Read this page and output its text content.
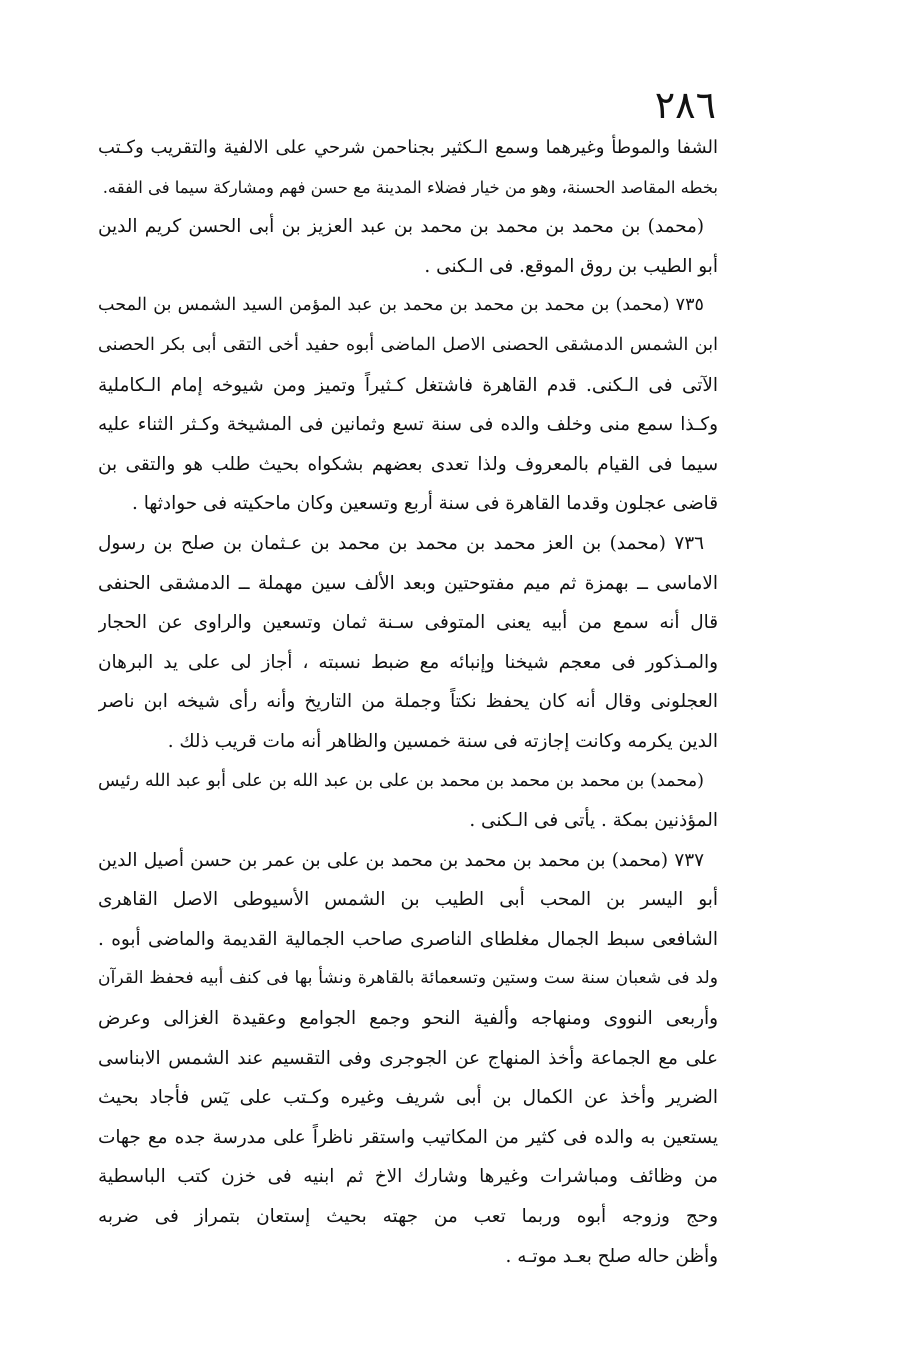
٢٨٦
الشفا والموطأ وغيرهما وسمع الـكثير بجناحمن شرحي على الالفية والتقريب وكـتب
بخطه المقاصد الحسنة، وهو من خيار فضلاء المدينة مع حسن فهم ومشاركة سيما فى الفقه.
(محمد) بن محمد بن محمد بن محمد بن عبد العزيز بن أبى الحسن كريم الدين
أبو الطيب بن روق الموقع. فى الـكنى .
٧٣٥ (محمد) بن محمد بن محمد بن محمد بن عبد المؤمن السيد الشمس بن المحب
ابن الشمس الدمشقى الحصنى الاصل الماضى أبوه حفيد أخى التقى أبى بكر الحصنى
الآتى فى الـكنى. قدم القاهرة فاشتغل كـثيراً وتميز ومن شيوخه إمام الـكاملية
وكـذا سمع منى وخلف والده فى سنة تسع وثمانين فى المشيخة وكـثر الثناء عليه
سيما فى القيام بالمعروف ولذا تعدى بعضهم بشكواه بحيث طلب هو والتقى بن
قاضى عجلون وقدما القاهرة فى سنة أربع وتسعين وكان ماحكيته فى حوادثها .
٧٣٦ (محمد) بن العز محمد بن محمد بن محمد بن عـثمان بن صلح بن رسول
الاماسى ــ بهمزة ثم ميم مفتوحتين وبعد الألف سين مهملة ــ الدمشقى الحنفى
قال أنه سمع من أبيه يعنى المتوفى سـنة ثمان وتسعين والراوى عن الحجار
والمـذكور فى معجم شيخنا وإنبائه مع ضبط نسبته ، أجاز لى على يد البرهان
العجلونى وقال أنه كان يحفظ نكتاً وجملة من التاريخ وأنه رأى شيخه ابن ناصر
الدين يكرمه وكانت إجازته فى سنة خمسين والظاهر أنه مات قريب ذلك .
(محمد) بن محمد بن محمد بن محمد بن على بن عبد الله بن على أبو عبد الله رئيس
المؤذنين بمكة . يأتى فى الـكنى .
٧٣٧ (محمد) بن محمد بن محمد بن محمد بن على بن عمر بن حسن أصيل الدين
أبو اليسر بن المحب أبى الطيب بن الشمس الأسيوطى الاصل القاهرى
الشافعى سبط الجمال مغلطاى الناصرى صاحب الجمالية القديمة والماضى أبوه .
ولد فى شعبان سنة ست وستين وتسعمائة بالقاهرة ونشأ بها فى كنف أبيه فحفظ القرآن
وأربعى النووى ومنهاجه وألفية النحو وجمع الجوامع وعقيدة الغزالى وعرض
على مع الجماعة وأخذ المنهاج عن الجوجرى وفى التقسيم عند الشمس الابناسى
الضرير وأخذ عن الكمال بن أبى شريف وغيره وكـتب على يٓس فأجاد بحيث
يستعين به والده فى كثير من المكاتيب واستقر ناظراً على مدرسة جده مع جهات
من وظائف ومباشرات وغيرها وشارك الاخ ثم ابنيه فى خزن كتب الباسطية
وحج وزوجه أبوه وربما تعب من جهته بحيث إستعان بتمراز فى ضربه
وأظن حاله صلح بعـد موتـه .
